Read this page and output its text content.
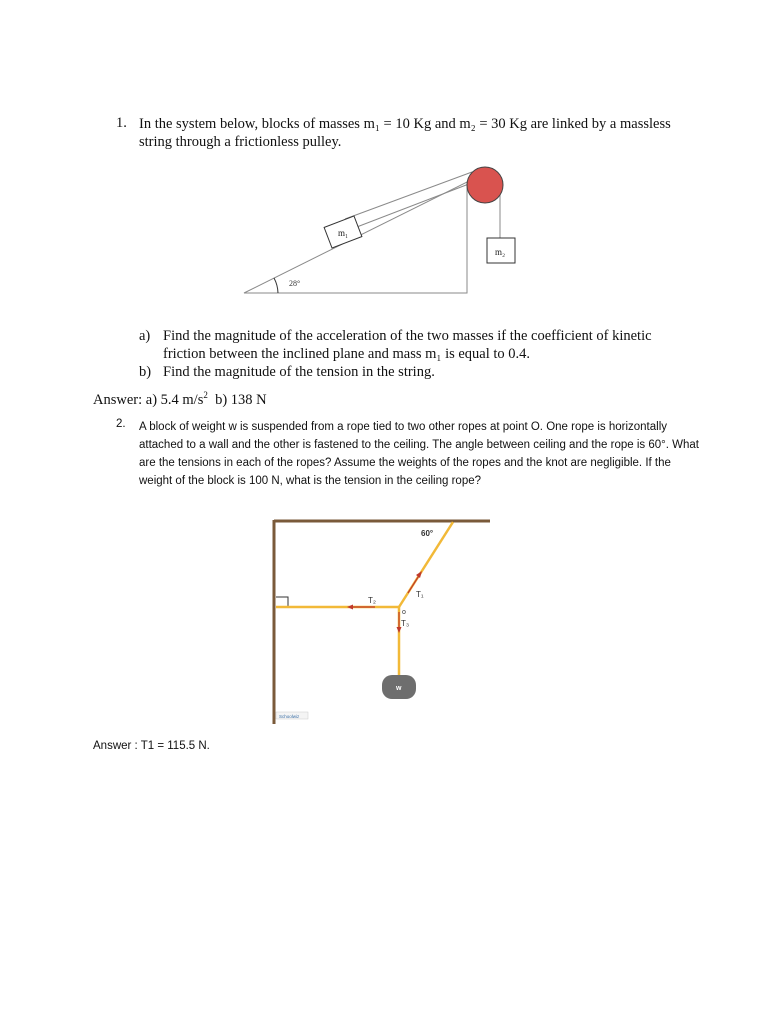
1. In the system below, blocks of masses m₁ = 10 Kg and m₂ = 30 Kg are linked by a massless string through a frictionless pulley.
28°
m₁
m₂
a) Find the magnitude of the acceleration of the two masses if the coefficient of kinetic friction between the inclined plane and mass m₁ is equal to 0.4.
b) Find the magnitude of the tension in the string.
Answer: a) 5.4 $m/s^2$  b) 138 N
2. A block of weight w is suspended from a rope tied to two other ropes at point O. One rope is horizontally attached to a wall and the other is fastened to the ceiling. The angle between ceiling and the rope is 60°. What are the tensions in each of the ropes? Assume the weights of the ropes and the knot are negligible. If the weight of the block is 100 N, what is the tension in the ceiling rope?
60°
T₁
T₂
T₃
o
w
Schoolwiz
Answer : T1 = 115.5 N.
